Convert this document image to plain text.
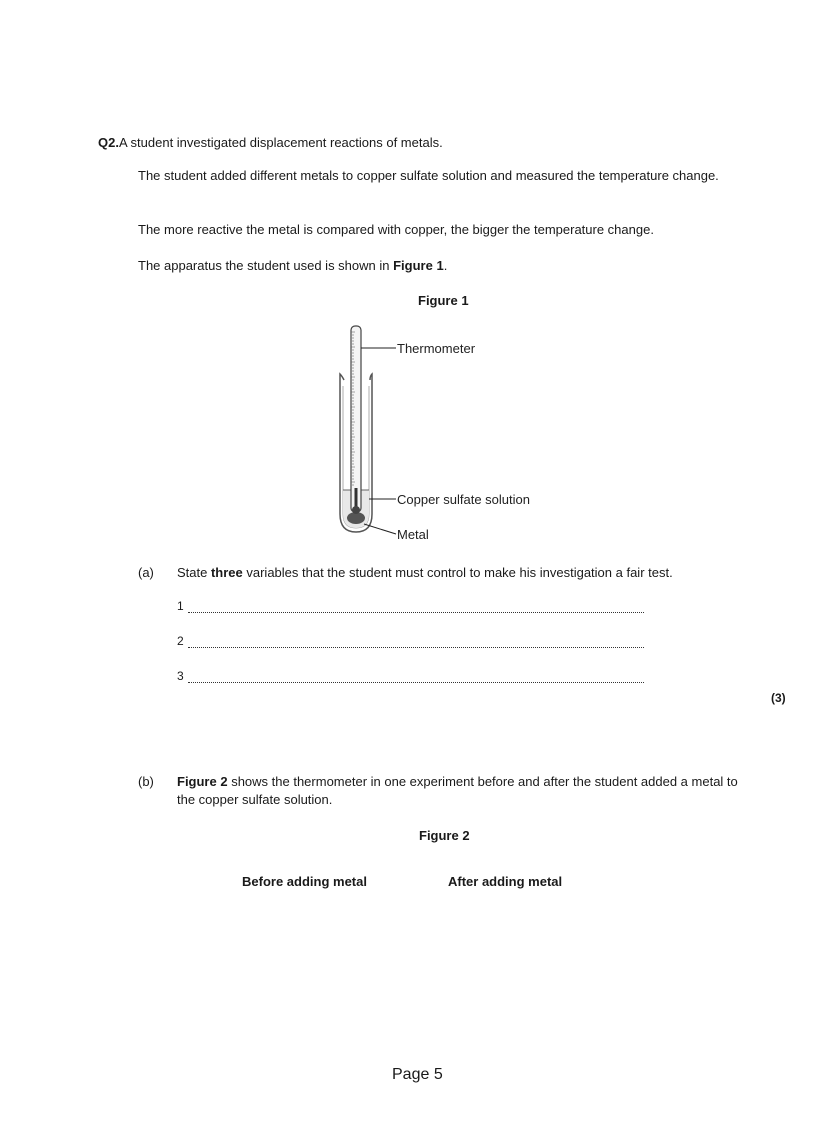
Q2.A student investigated displacement reactions of metals.
The student added different metals to copper sulfate solution and measured the temperature change.
The more reactive the metal is compared with copper, the bigger the temperature change.
The apparatus the student used is shown in Figure 1.
Figure 1
Thermometer
Copper sulfate solution
Metal
(a) State three variables that the student must control to make his investigation a fair test.
1
2
3
(3)
(b) Figure 2 shows the thermometer in one experiment before and after the student added a metal to the copper sulfate solution.
Figure 2
Before adding metal	After adding metal
Page 5
